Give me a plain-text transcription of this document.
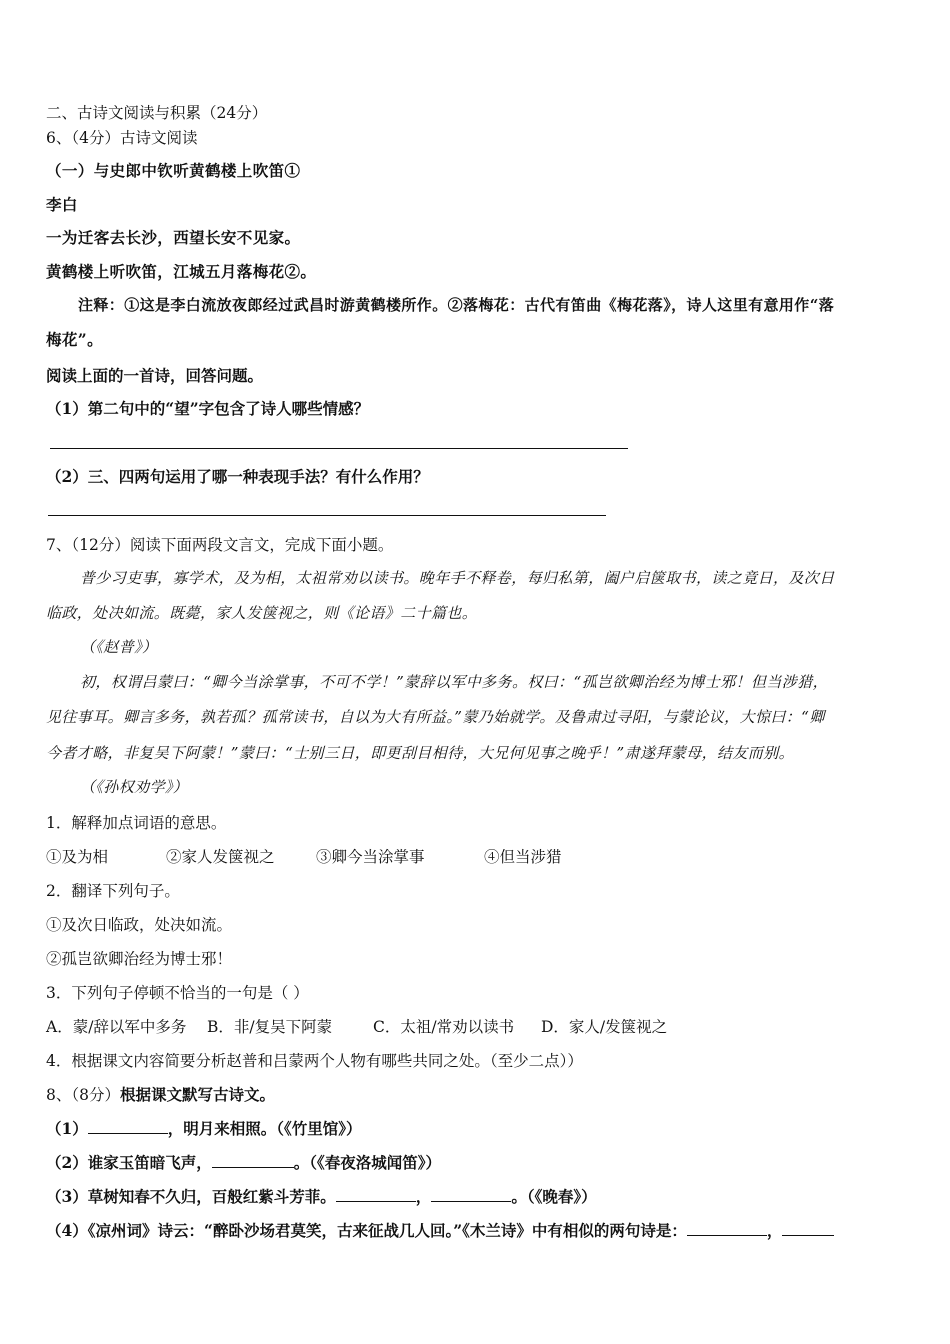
二、古诗文阅读与积累（24分）
6、（4分）古诗文阅读
（一）与史郎中钦听黄鹤楼上吹笛①
李白
一为迁客去长沙，西望长安不见家。
黄鹤楼上听吹笛，江城五月落梅花②。
注释：①这是李白流放夜郎经过武昌时游黄鹤楼所作。②落梅花：古代有笛曲《梅花落》，诗人这里有意用作“落
梅花”。
阅读上面的一首诗，回答问题。
（1）第二句中的“望”字包含了诗人哪些情感？
（2）三、四两句运用了哪一种表现手法？有什么作用？
7、（12分）阅读下面两段文言文，完成下面小题。
普少习吏事，寡学术，及为相，太祖常劝以读书。晚年手不释卷，每归私第，阖户启箧取书，读之竟日，及次日
临政，处决如流。既薨，家人发箧视之，则《论语》二十篇也。
（《赵普》）
初，权谓吕蒙曰：“卿今当涂掌事，不可不学！”蒙辞以军中多务。权曰：“孤岂欲卿治经为博士邪！但当涉猎，
见往事耳。卿言多务，孰若孤？孤常读书，自以为大有所益。”蒙乃始就学。及鲁肃过寻阳，与蒙论议，大惊曰：“卿
今者才略，非复吴下阿蒙！”蒙曰：“士别三日，即更刮目相待，大兄何见事之晚乎！”肃遂拜蒙母，结友而别。
（《孙权劝学》）
1．解释加点词语的意思。
①及为相	②家人发箧视之	③卿今当涂掌事	④但当涉猎
2．翻译下列句子。
①及次日临政，处决如流。
②孤岂欲卿治经为博士邪！
3．下列句子停顿不恰当的一句是（ ）
A．蒙/辞以军中多务 B．非/复吴下阿蒙	C．太祖/常劝以读书 D．家人/发箧视之
4．根据课文内容简要分析赵普和吕蒙两个人物有哪些共同之处。（至少二点））
8、（8分）根据课文默写古诗文。
（1）	，明月来相照。（《竹里馆》）
（2）谁家玉笛暗飞声，	。（《春夜洛城闻笛》）
（3）草树知春不久归，百般红紫斗芳菲。	，	。（《晚春》）
（4）《凉州词》诗云：“醉卧沙场君莫笑，古来征战几人回。”《木兰诗》中有相似的两句诗是：	，
